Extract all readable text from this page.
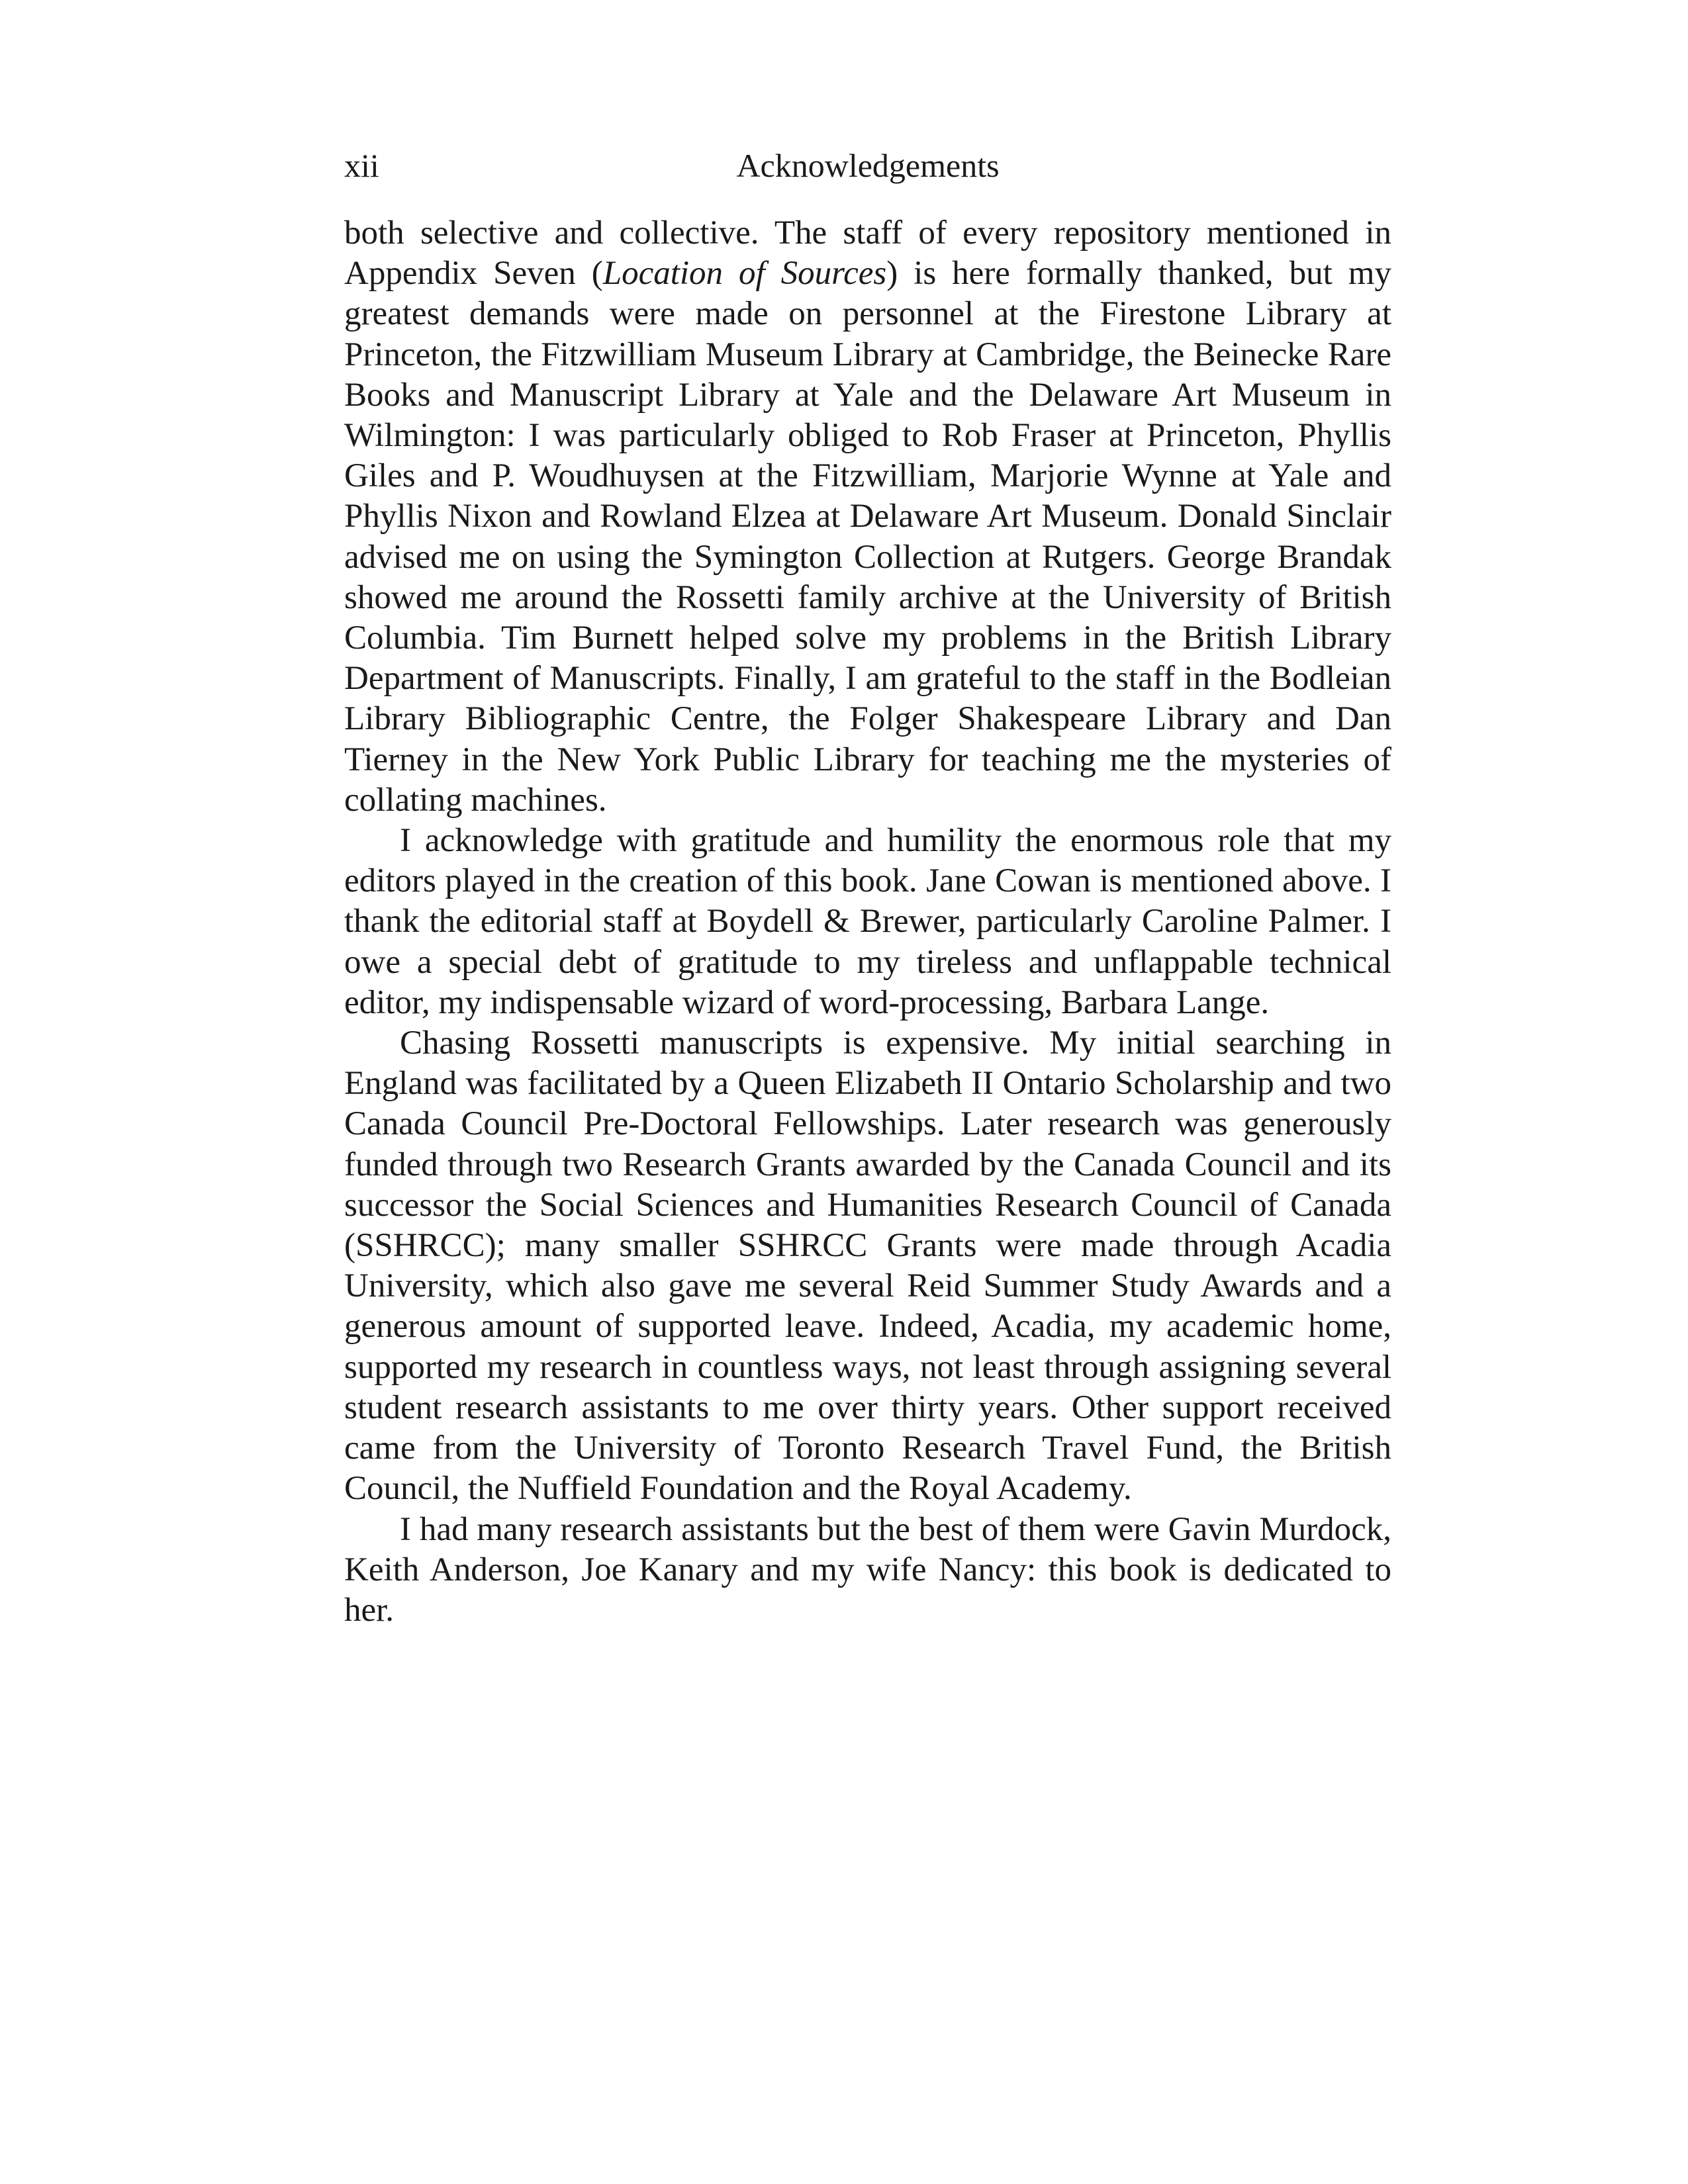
xii	Acknowledgements

both selective and collective. The staff of every repository mentioned in Appendix Seven (Location of Sources) is here formally thanked, but my greatest demands were made on personnel at the Firestone Library at Princeton, the Fitzwilliam Museum Library at Cambridge, the Beinecke Rare Books and Manuscript Library at Yale and the Delaware Art Museum in Wilmington: I was particularly obliged to Rob Fraser at Princeton, Phyllis Giles and P. Woudhuysen at the Fitzwilliam, Marjorie Wynne at Yale and Phyllis Nixon and Rowland Elzea at Delaware Art Museum. Donald Sinclair advised me on using the Symington Collection at Rutgers. George Brandak showed me around the Rossetti family archive at the University of British Columbia. Tim Burnett helped solve my problems in the British Library Department of Manuscripts. Finally, I am grateful to the staff in the Bodleian Library Bibliographic Centre, the Folger Shakespeare Library and Dan Tierney in the New York Public Library for teaching me the mysteries of collating machines.

I acknowledge with gratitude and humility the enormous role that my editors played in the creation of this book. Jane Cowan is mentioned above. I thank the editorial staff at Boydell & Brewer, particularly Caroline Palmer. I owe a special debt of gratitude to my tireless and unflappable technical editor, my indispensable wizard of word-processing, Barbara Lange.

Chasing Rossetti manuscripts is expensive. My initial searching in England was facilitated by a Queen Elizabeth II Ontario Scholarship and two Canada Council Pre-Doctoral Fellowships. Later research was generously funded through two Research Grants awarded by the Canada Council and its successor the Social Sciences and Humanities Research Council of Canada (SSHRCC); many smaller SSHRCC Grants were made through Acadia University, which also gave me several Reid Summer Study Awards and a generous amount of supported leave. Indeed, Acadia, my academic home, supported my research in countless ways, not least through assigning several student research assistants to me over thirty years. Other support received came from the University of Toronto Research Travel Fund, the British Council, the Nuffield Foundation and the Royal Academy.

I had many research assistants but the best of them were Gavin Murdock, Keith Anderson, Joe Kanary and my wife Nancy: this book is dedicated to her.
